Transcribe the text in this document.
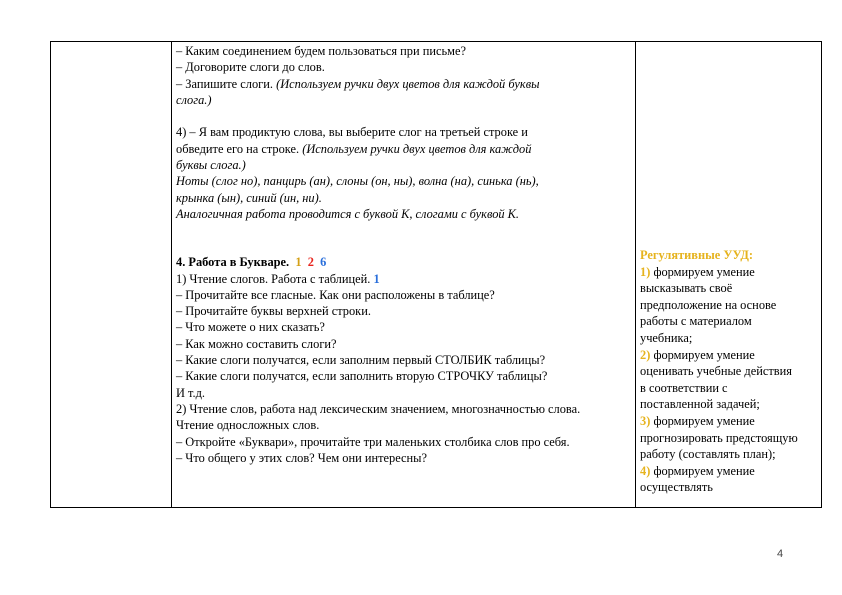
– Каким соединением будем пользоваться при письме?
– Договорите слоги до слов.
– Запишите слоги. (Используем ручки двух цветов для каждой буквы
слога.)
4) – Я вам продиктую слова, вы выберите слог на третьей строке и
обведите его на строке. (Используем ручки двух цветов для каждой
буквы слога.)
Ноты (слог но), панцирь (ан), слоны (он, ны), волна (на), синька (нь),
крынка (ын), синий (ин, ни).
Аналогичная работа проводится с буквой К, слогами с буквой К.
4. Работа в Букваре. 1 2 6
1) Чтение слогов. Работа с таблицей. 1
– Прочитайте все гласные. Как они расположены в таблице?
– Прочитайте буквы верхней строки.
– Что можете о них сказать?
– Как можно составить слоги?
– Какие слоги получатся, если заполним первый СТОЛБИК таблицы?
– Какие слоги получатся, если заполнить вторую СТРОЧКУ таблицы?
И т.д.
2) Чтение слов, работа над лексическим значением, многозначностью слова.
Чтение односложных слов.
– Откройте «Буквари», прочитайте три маленьких столбика слов про себя.
– Что общего у этих слов? Чем они интересны?
Регулятивные УУД:
1) формируем умение
высказывать своё
предположение на основе
работы с материалом
учебника;
2) формируем умение
оценивать учебные действия
в соответствии с
поставленной задачей;
3) формируем умение
прогнозировать предстоящую
работу (составлять план);
4) формируем умение
осуществлять
4
